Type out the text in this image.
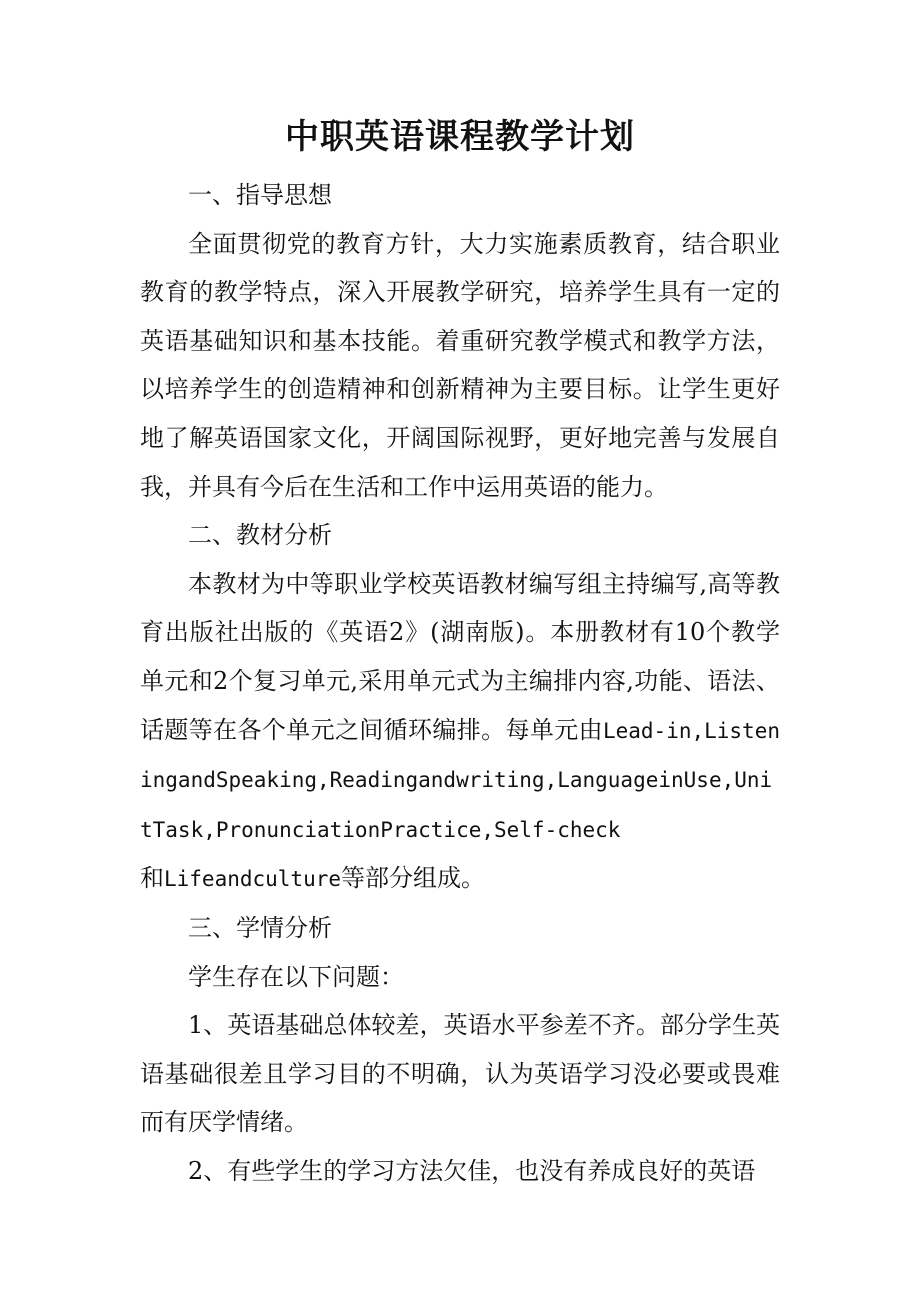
中职英语课程教学计划

一、指导思想

全面贯彻党的教育方针，大力实施素质教育，结合职业教育的教学特点，深入开展教学研究，培养学生具有一定的英语基础知识和基本技能。着重研究教学模式和教学方法，以培养学生的创造精神和创新精神为主要目标。让学生更好地了解英语国家文化，开阔国际视野，更好地完善与发展自我，并具有今后在生活和工作中运用英语的能力。

二、教材分析

本教材为中等职业学校英语教材编写组主持编写,高等教育出版社出版的《英语2》(湖南版)。本册教材有10个教学单元和2个复习单元,采用单元式为主编排内容,功能、语法、话题等在各个单元之间循环编排。每单元由Lead-in,ListeningandSpeaking,Readingandwriting,LanguageinUse,UnitTask,PronunciationPractice,Self-check
和Lifeandculture等部分组成。

三、学情分析

学生存在以下问题：

1、英语基础总体较差，英语水平参差不齐。部分学生英语基础很差且学习目的不明确，认为英语学习没必要或畏难而有厌学情绪。

2、有些学生的学习方法欠佳，也没有养成良好的英语
